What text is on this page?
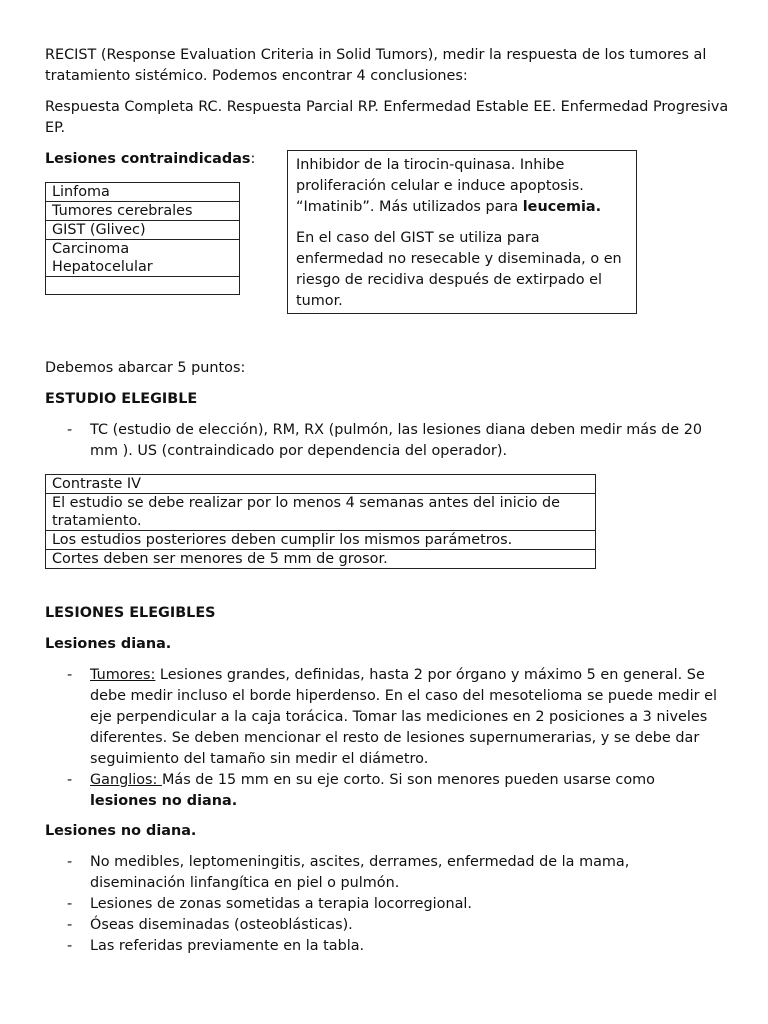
RECIST (Response Evaluation Criteria in Solid Tumors), medir la respuesta de los tumores al tratamiento sistémico. Podemos encontrar 4 conclusiones:

Respuesta Completa RC. Respuesta Parcial RP. Enfermedad Estable EE. Enfermedad Progresiva EP.

Lesiones contraindicadas:

Linfoma
Tumores cerebrales
GIST (Glivec)
Carcinoma Hepatocelular

Inhibidor de la tirocin-quinasa. Inhibe proliferación celular e induce apoptosis. “Imatinib”. Más utilizados para leucemia.

En el caso del GIST se utiliza para enfermedad no resecable y diseminada, o en riesgo de recidiva después de extirpado el tumor.

Debemos abarcar 5 puntos:

ESTUDIO ELEGIBLE

- TC (estudio de elección), RM, RX (pulmón, las lesiones diana deben medir más de 20 mm ). US (contraindicado por dependencia del operador).
Contraste IV
El estudio se debe realizar por lo menos 4 semanas antes del inicio de tratamiento.
Los estudios posteriores deben cumplir los mismos parámetros.
Cortes deben ser menores de 5 mm de grosor.

LESIONES ELEGIBLES

Lesiones diana.

- Tumores: Lesiones grandes, definidas, hasta 2 por órgano y máximo 5 en general. Se debe medir incluso el borde hiperdenso. En el caso del mesotelioma se puede medir el eje perpendicular a la caja torácica. Tomar las mediciones en 2 posiciones a 3 niveles diferentes. Se deben mencionar el resto de lesiones supernumerarias, y se debe dar seguimiento del tamaño sin medir el diámetro.
- Ganglios: Más de 15 mm en su eje corto. Si son menores pueden usarse como lesiones no diana.

Lesiones no diana.

- No medibles, leptomeningitis, ascites, derrames, enfermedad de la mama, diseminación linfangítica en piel o pulmón.
- Lesiones de zonas sometidas a terapia locorregional.
- Óseas diseminadas (osteoblásticas).
- Las referidas previamente en la tabla.
